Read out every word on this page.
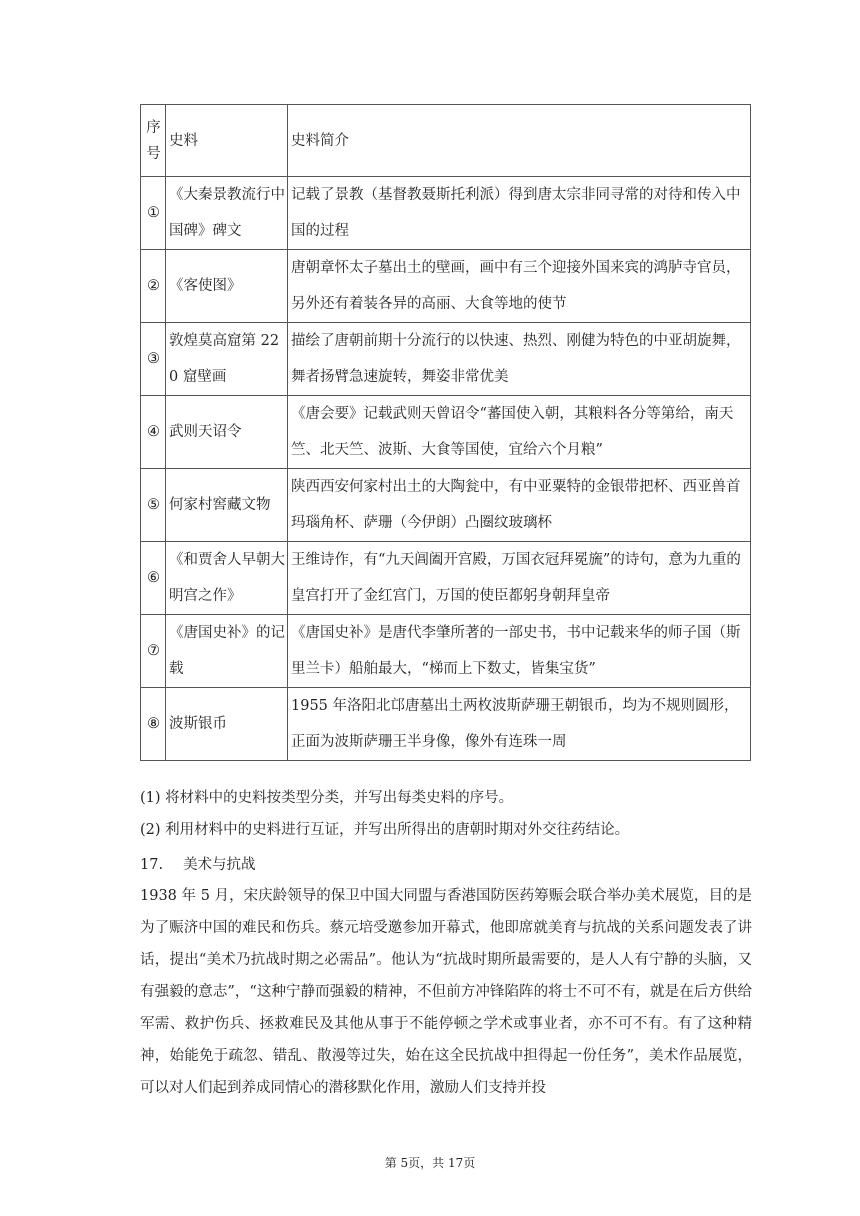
序号	史料	史料简介
①	《大秦景教流行中国碑》碑文	记载了景教（基督教聂斯托利派）得到唐太宗非同寻常的对待和传入中国的过程
②	《客使图》	唐朝章怀太子墓出土的壁画，画中有三个迎接外国来宾的鸿胪寺官员，另外还有着装各异的高丽、大食等地的使节
③	敦煌莫高窟第 220 窟壁画	描绘了唐朝前期十分流行的以快速、热烈、刚健为特色的中亚胡旋舞，舞者扬臂急速旋转，舞姿非常优美
④	武则天诏令	《唐会要》记载武则天曾诏令“蕃国使入朝，其粮料各分等第给，南天竺、北天竺、波斯、大食等国使，宜给六个月粮”
⑤	何家村窖藏文物	陕西西安何家村出土的大陶瓮中，有中亚粟特的金银带把杯、西亚兽首玛瑙角杯、萨珊（今伊朗）凸圈纹玻璃杯
⑥	《和贾舍人早朝大明宫之作》	王维诗作，有“九天阊阖开宫殿，万国衣冠拜冕旒”的诗句，意为九重的皇宫打开了金红宫门，万国的使臣都躬身朝拜皇帝
⑦	《唐国史补》的记载	《唐国史补》是唐代李肇所著的一部史书，书中记载来华的师子国（斯里兰卡）船舶最大，“梯而上下数丈，皆集宝货”
⑧	波斯银币	1955 年洛阳北邙唐墓出土两枚波斯萨珊王朝银币，均为不规则圆形，正面为波斯萨珊王半身像，像外有连珠一周
(1) 将材料中的史料按类型分类，并写出每类史料的序号。
(2) 利用材料中的史料进行互证，并写出所得出的唐朝时期对外交往药结论。
17. 美术与抗战
1938 年 5 月，宋庆龄领导的保卫中国大同盟与香港国防医药筹赈会联合举办美术展览，目的是为了赈济中国的难民和伤兵。蔡元培受邀参加开幕式，他即席就美育与抗战的关系问题发表了讲话，提出“美术乃抗战时期之必需品”。他认为“抗战时期所最需要的，是人人有宁静的头脑，又有强毅的意志”，“这种宁静而强毅的精神，不但前方冲锋陷阵的将士不可不有，就是在后方供给军需、救护伤兵、拯救难民及其他从事于不能停顿之学术或事业者，亦不可不有。有了这种精神，始能免于疏忽、错乱、散漫等过失，始在这全民抗战中担得起一份任务”，美术作品展览，可以对人们起到养成同情心的潜移默化作用，激励人们支持并投
第 5页，共 17页
